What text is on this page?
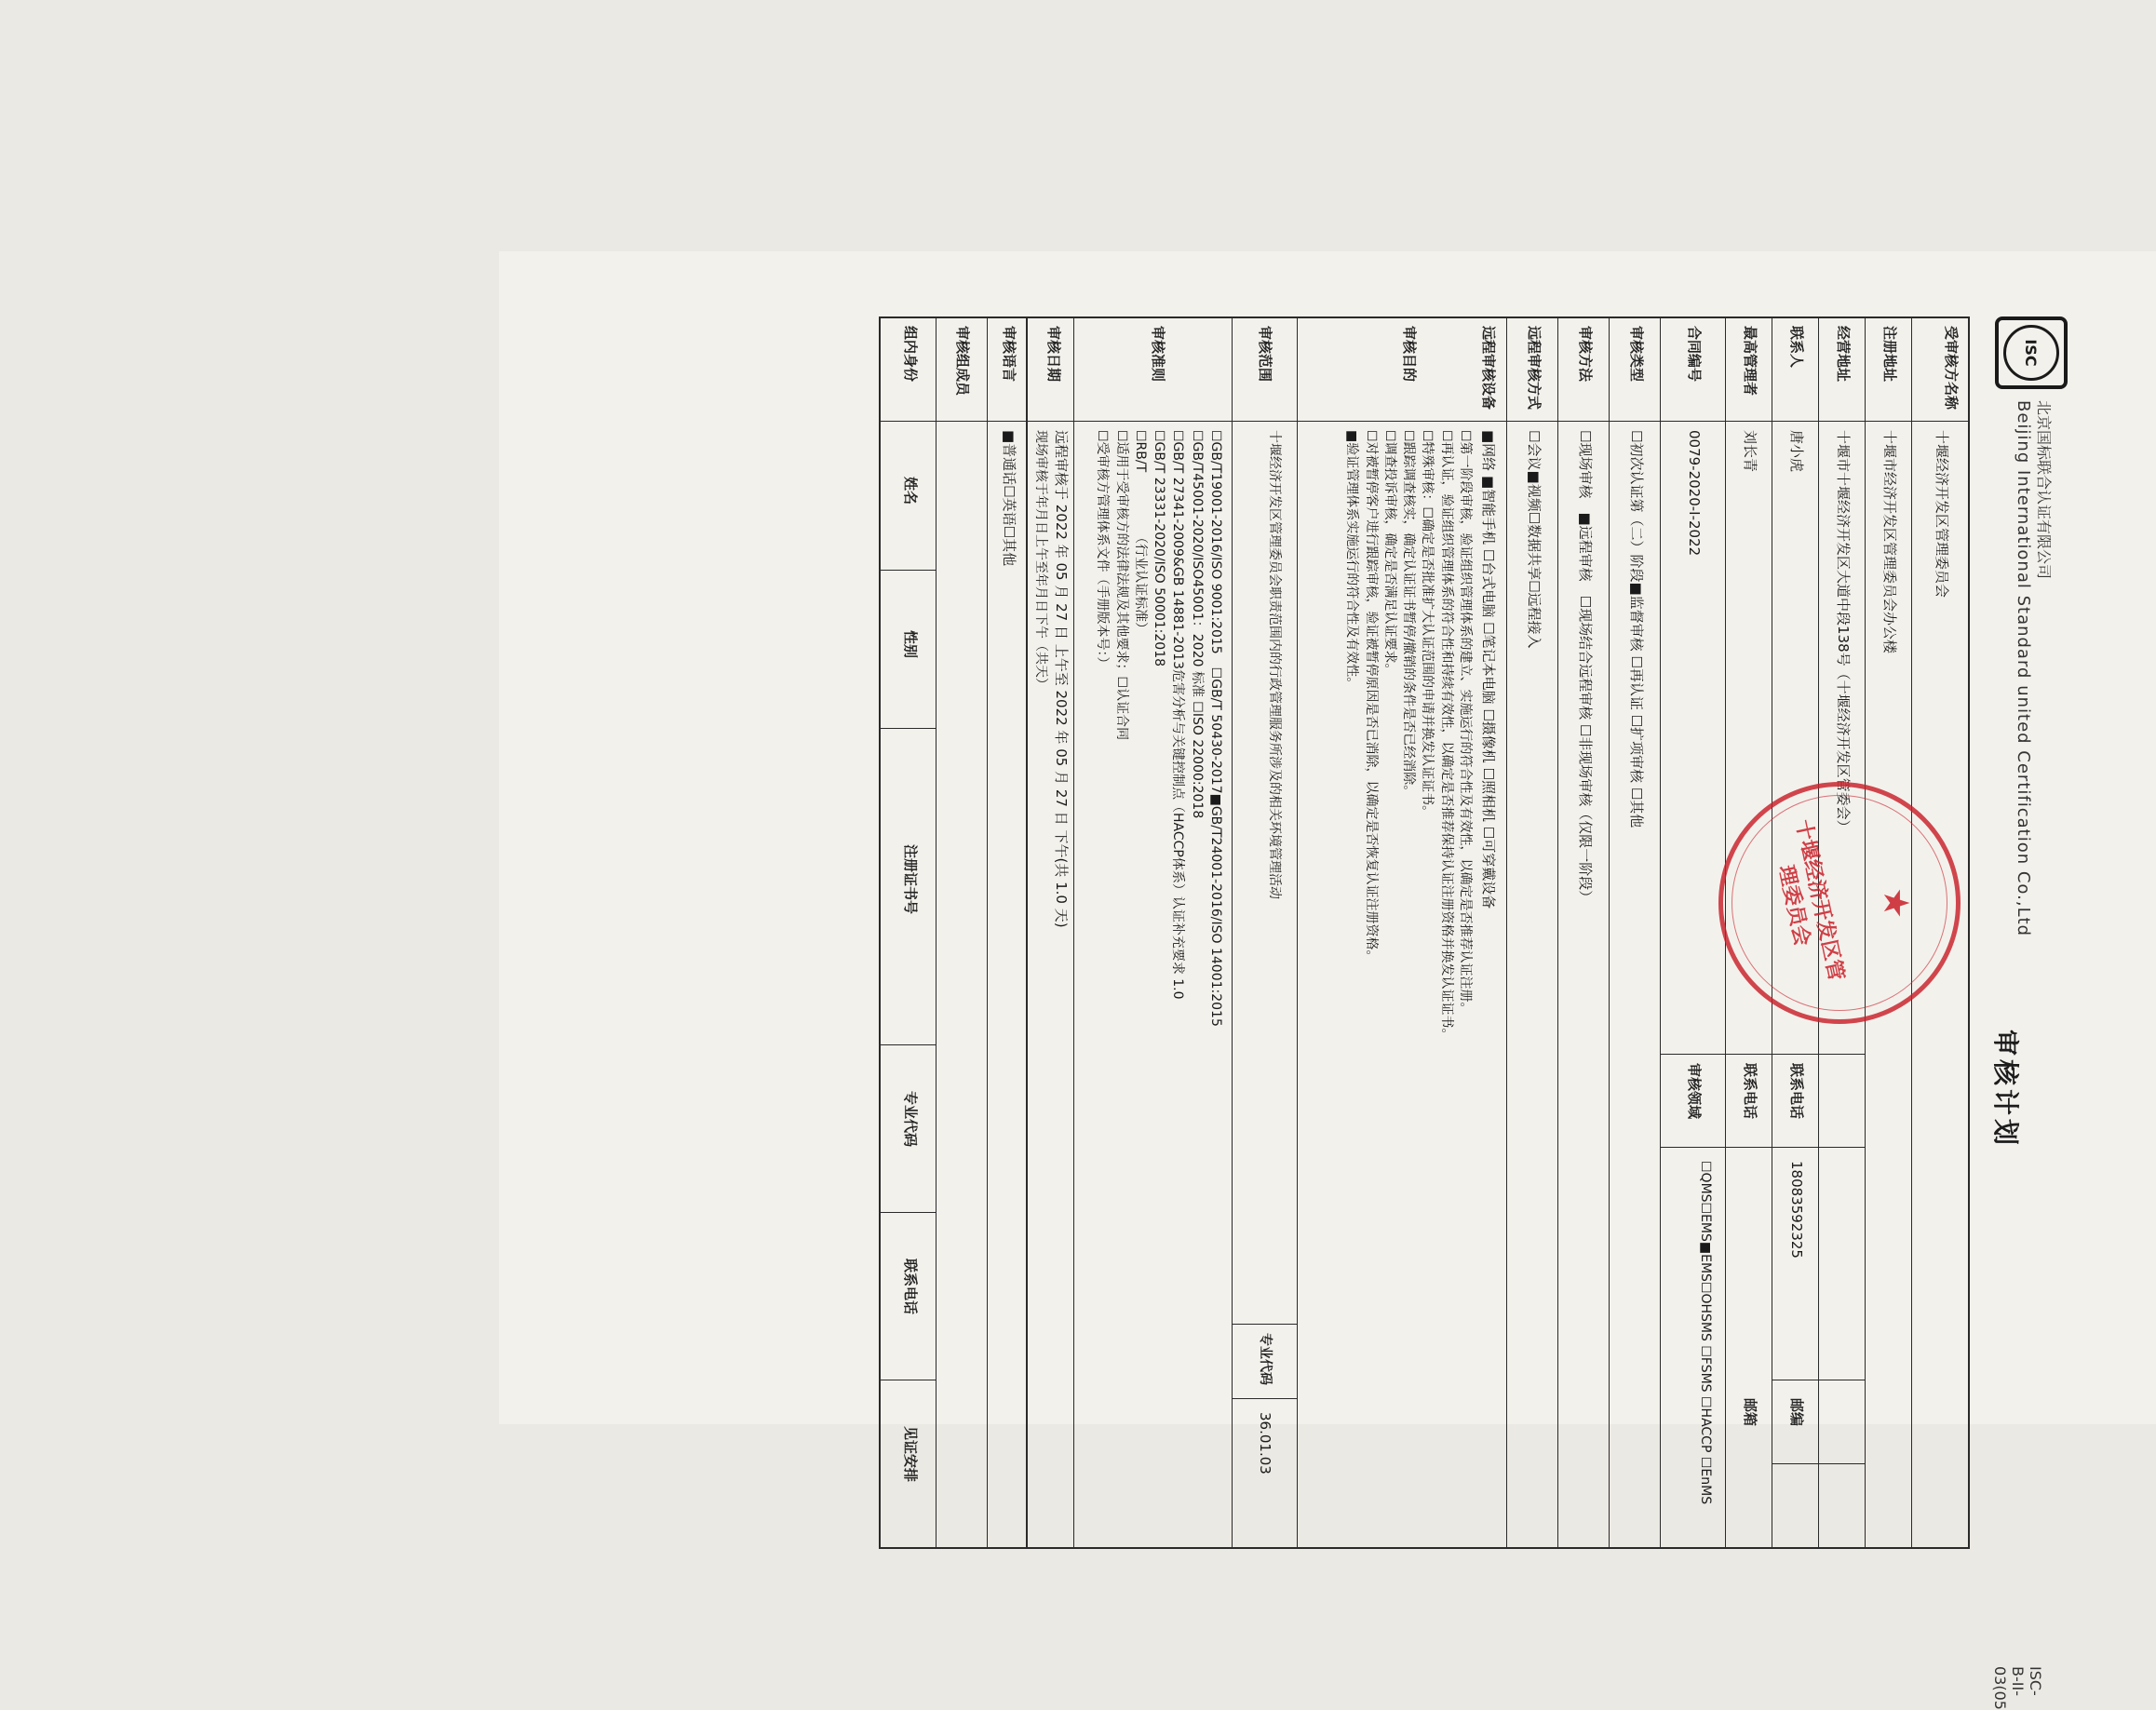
ISC
北京国标联合认证有限公司
Beijing International Standard united Certification Co.,Ltd
ISC-B-II-03(05
审核计划
受审核方名称
十堰经济开发区管理委员会
注册地址
十堰市经济开发区管理委员会办公楼
经营地址
十堰市十堰经济开发区大道中段138号（十堰经济开发区管委会）
联系人
唐小虎
联系电话
18083592325
邮编
最高管理者
刘长青
联系电话
邮箱
合同编号
0079-2020-I-2022
审核领域
☐QMS☐EMS■EMS☐OHSMS ☐FSMS ☐HACCP ☐EnMS
审核类型
☐初次认证第（二）阶段■监督审核 ☐再认证 ☐扩项审核 ☐其他
审核方法
☐现场审核　■远程审核　☐现场结合远程审核 ☐非现场审核（仅限一阶段）
远程审核方式
☐会议■视频☐数据共享☐远程接入
远程审核设备
■网络 ■智能手机 ☐台式电脑 ☐笔记本电脑 ☐摄像机 ☐照相机 ☐可穿戴设备
审核目的
☐第一阶段审核，验证组织管理体系的建立、实施运行的符合性及有效性，以确定是否推荐认证注册。
☐再认证，验证组织管理体系的符合性和持续有效性，以确定是否推荐保持认证注册资格并换发认证证书。
☐特殊审核：☐确定是否批准扩大认证范围的申请并换发认证证书。
☐跟踪调查核实，确定认证证书暂停/撤销的条件是否已经消除。
☐调查投诉审核，确定是否满足认证要求。
☐对被暂停客户进行跟踪审核，验证被暂停原因是否已消除，以确定是否恢复认证注册资格。
■验证管理体系实施运行的符合性及有效性。
审核范围
十堰经济开发区管理委员会职责范围内的行政管理服务所涉及的相关环境管理活动
专业代码
36.01.03
审核准则
☐GB/T19001-2016/ISO 9001:2015　☐GB/T 50430-2017■GB/T24001-2016/ISO 14001:2015
☐GB/T45001-2020/ISO45001：2020 标准 ☐ISO 22000:2018
☐GB/T 27341-2009&GB 14881-2013危害分析与关键控制点（HACCP体系）认证补充要求 1.0
☐GB/T 23331-2020/ISO 50001:2018
☐RB/T　　　　　（行业认证标准）
☐适用于受审核方的法律法规及其他要求；☐认证合同
☐受审核方管理体系文件（手册版本号：）
审核日期
远程审核于 2022 年 05 月 27 日 上午至 2022 年 05 月 27 日 下午(共 1.0 天)
现场审核于年月日上午至年月日下午（共天）
审核语言
■普通话☐英语☐其他
审核组成员
组内身份
姓名
性别
注册证书号
专业代码
联系电话
见证安排
★
十堰经济开发区管理委员会
